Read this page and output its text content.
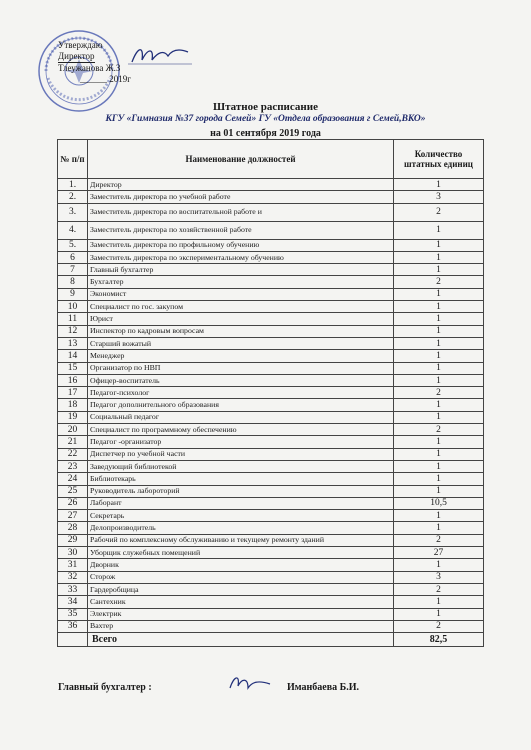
Утверждаю
Директор
Тлеужанова Ж.З
______ 2019г
Штатное расписание
КГУ «Гимназия №37 города Семей» ГУ «Отдела образования г Семей,ВКО»
на 01 сентября 2019 года
№ п/п	Наименование должностей	Количество штатных единиц
1.	Директор	1
2.	Заместитель директора по учебной работе	3
3.	Заместитель директора по воспитательной работе и	2
4.	Заместитель директора по хозяйственной работе	1
5.	Заместитель директора по профильному обучению	1
6	Заместитель директора по экспериментальному обучению	1
7	Главный бухгалтер	1
8	Бухгалтер	2
9	Экономист	1
10	Специалист по гос. закупом	1
11	Юрист	1
12	Инспектор по кадровым вопросам	1
13	Старший вожатый	1
14	Менеджер	1
15	Организатор по НВП	1
16	Офицер-воспитатель	1
17	Педагог-психолог	2
18	Педагог дополнительного образования	1
19	Социальный педагог	1
20	Специалист по программному обеспечению	2
21	Педагог -организатор	1
22	Диспетчер по учебной части	1
23	Заведующий библиотекой	1
24	Библиотекарь	1
25	Руководитель лабороторий	1
26	Лаборант	10,5
27	Секретарь	1
28	Делопроизводитель	1
29	Рабочий по комплексному обслуживанию и текущему ремонту зданий	2
30	Уборщик служебных помещений	27
31	Дворник	1
32	Сторож	3
33	Гардеробщица	2
34	Сантехник	1
35	Электрик	1
36	Вахтер	2
	Всего	82,5
Главный бухгалтер :	Иманбаева Б.И.
